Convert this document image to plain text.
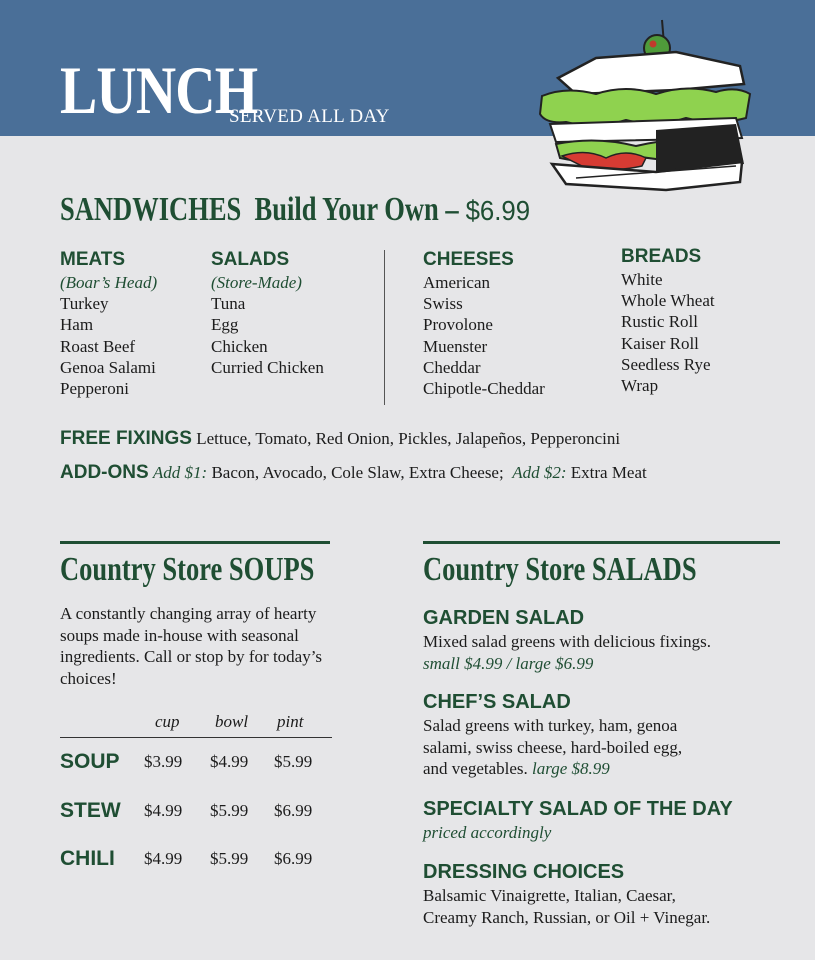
LUNCH
SERVED ALL DAY
SANDWICHES Build Your Own – $6.99
MEATS
(Boar’s Head)
Turkey
Ham
Roast Beef
Genoa Salami
Pepperoni
SALADS
(Store-Made)
Tuna
Egg
Chicken
Curried Chicken
CHEESES
American
Swiss
Provolone
Muenster
Cheddar
Chipotle-Cheddar
BREADS
White
Whole Wheat
Rustic Roll
Kaiser Roll
Seedless Rye
Wrap
FREE FIXINGS Lettuce, Tomato, Red Onion, Pickles, Jalapeños, Pepperoncini
ADD-ONS Add $1: Bacon, Avocado, Cole Slaw, Extra Cheese; Add $2: Extra Meat
Country Store SOUPS
A constantly changing array of hearty soups made in-house with seasonal ingredients. Call or stop by for today’s choices!
cup bowl pint
SOUP $3.99 $4.99 $5.99
STEW $4.99 $5.99 $6.99
CHILI $4.99 $5.99 $6.99
Country Store SALADS
GARDEN SALAD
Mixed salad greens with delicious fixings.
small $4.99 / large $6.99
CHEF’S SALAD
Salad greens with turkey, ham, genoa
salami, swiss cheese, hard-boiled egg,
and vegetables. large $8.99
SPECIALTY SALAD OF THE DAY
priced accordingly
DRESSING CHOICES
Balsamic Vinaigrette, Italian, Caesar,
Creamy Ranch, Russian, or Oil + Vinegar.
